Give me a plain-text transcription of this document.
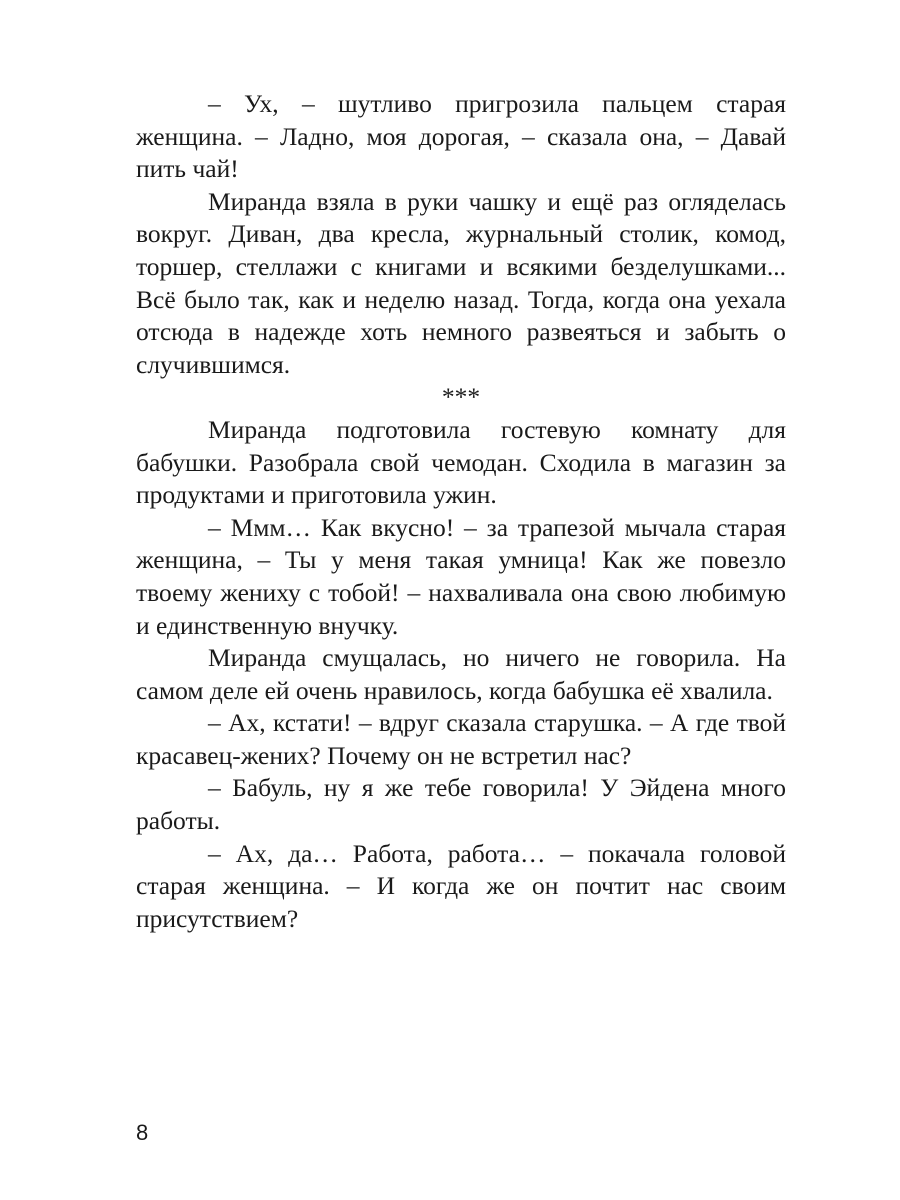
– Ух, – шутливо пригрозила пальцем старая женщина. – Ладно, моя дорогая, – сказала она, – Давай пить чай!

Миранда взяла в руки чашку и ещё раз огляделась вокруг. Диван, два кресла, журнальный столик, комод, торшер, стеллажи с книгами и всякими безделушками... Всё было так, как и неделю назад. Тогда, когда она уехала отсюда в надежде хоть немного развеяться и забыть о случившимся.

***

Миранда подготовила гостевую комнату для бабушки. Разобрала свой чемодан. Сходила в магазин за продуктами и приготовила ужин.

– Ммм… Как вкусно! – за трапезой мычала старая женщина, – Ты у меня такая умница! Как же повезло твоему жениху с тобой! – нахваливала она свою любимую и единственную внучку.

Миранда смущалась, но ничего не говорила. На самом деле ей очень нравилось, когда бабушка её хвалила.

– Ах, кстати! – вдруг сказала старушка. – А где твой красавец-жених? Почему он не встретил нас?

– Бабуль, ну я же тебе говорила! У Эйдена много работы.

– Ах, да… Работа, работа… – покачала головой старая женщина. – И когда же он почтит нас своим присутствием?

8
